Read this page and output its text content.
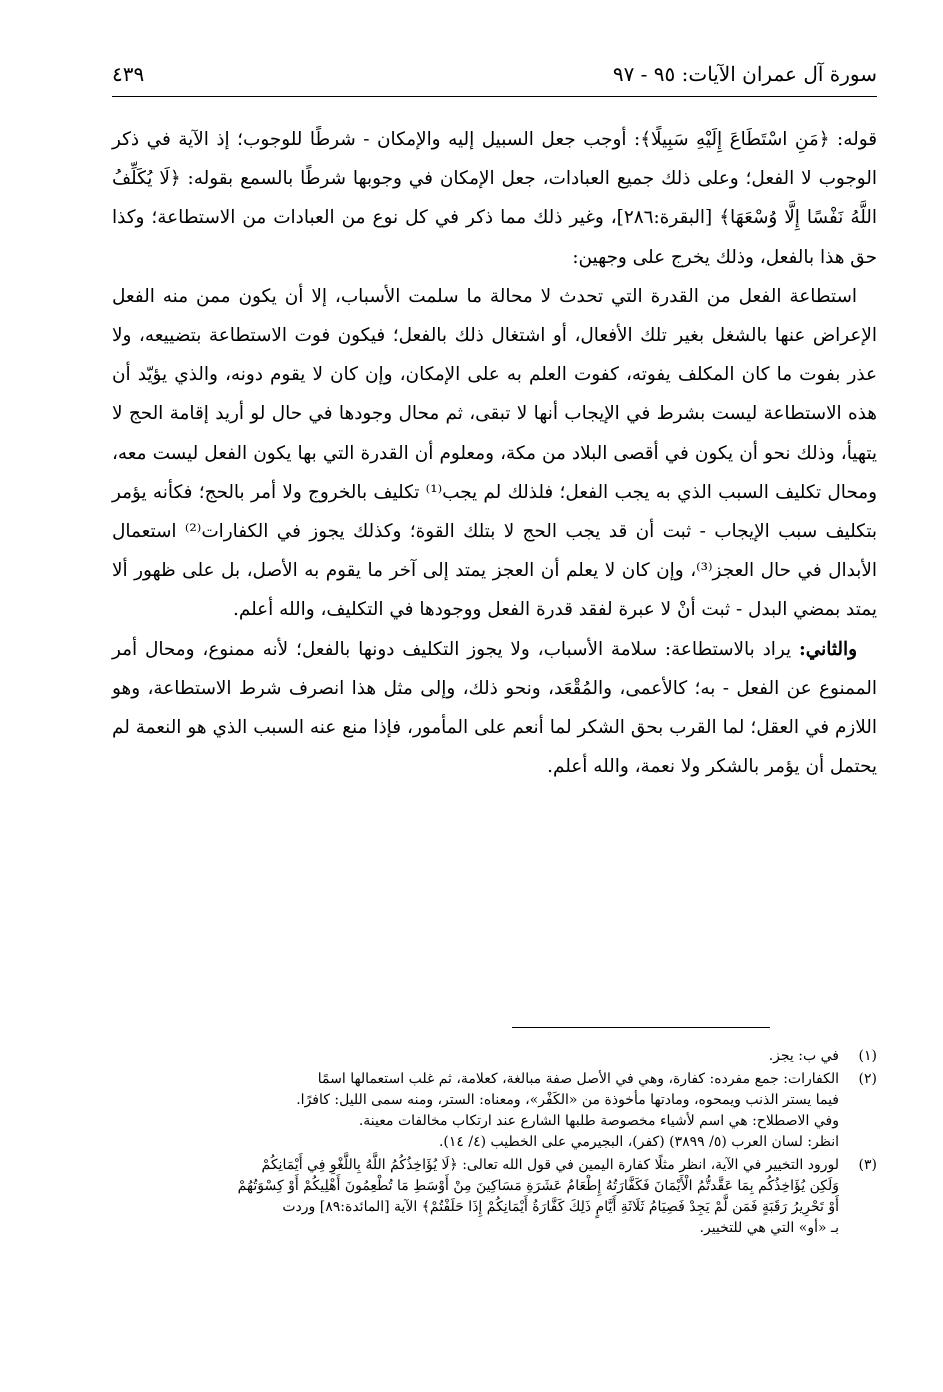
سورة آل عمران الآيات: ٩٥ - ٩٧
٤٣٩

قوله: ﴿مَنِ اسْتَطَاعَ إِلَيْهِ سَبِيلًا﴾: أوجب جعل السبيل إليه والإمكان - شرطًا للوجوب؛ إذ الآية في ذكر الوجوب لا الفعل؛ وعلى ذلك جميع العبادات، جعل الإمكان في وجوبها شرطًا بالسمع بقوله: ﴿لَا يُكَلِّفُ اللَّهُ نَفْسًا إِلَّا وُسْعَهَا﴾ [البقرة:٢٨٦]، وغير ذلك مما ذكر في كل نوع من العبادات من الاستطاعة؛ وكذا حق هذا بالفعل، وذلك يخرج على وجهين:

استطاعة الفعل من القدرة التي تحدث لا محالة ما سلمت الأسباب، إلا أن يكون ممن منه الفعل الإعراض عنها بالشغل بغير تلك الأفعال، أو اشتغال ذلك بالفعل؛ فيكون فوت الاستطاعة بتضييعه، ولا عذر بفوت ما كان المكلف يفوته، كفوت العلم به على الإمكان، وإن كان لا يقوم دونه، والذي يؤيّد أن هذه الاستطاعة ليست بشرط في الإيجاب أنها لا تبقى، ثم محال وجودها في حال لو أريد إقامة الحج لا يتهيأ، وذلك نحو أن يكون في أقصى البلاد من مكة، ومعلوم أن القدرة التي بها يكون الفعل ليست معه، ومحال تكليف السبب الذي به يجب الفعل؛ فلذلك لم يجب⁽¹⁾ تكليف بالخروج ولا أمر بالحج؛ فكأنه يؤمر بتكليف سبب الإيجاب - ثبت أن قد يجب الحج لا بتلك القوة؛ وكذلك يجوز في الكفارات⁽²⁾ استعمال الأبدال في حال العجز⁽³⁾، وإن كان لا يعلم أن العجز يمتد إلى آخر ما يقوم به الأصل، بل على ظهور ألا يمتد بمضي البدل - ثبت أنْ لا عبرة لفقد قدرة الفعل ووجودها في التكليف، والله أعلم.

والثاني: يراد بالاستطاعة: سلامة الأسباب، ولا يجوز التكليف دونها بالفعل؛ لأنه ممنوع، ومحال أمر الممنوع عن الفعل - به؛ كالأعمى، والمُقْعَد، ونحو ذلك، وإلى مثل هذا انصرف شرط الاستطاعة، وهو اللازم في العقل؛ لما القرب بحق الشكر لما أنعم على المأمور، فإذا منع عنه السبب الذي هو النعمة لم يحتمل أن يؤمر بالشكر ولا نعمة، والله أعلم.

(١)
في ب: يجز.
(٢)
الكفارات: جمع مفرده: كفارة، وهي في الأصل صفة مبالغة، كعلامة، ثم غلب استعمالها اسمًا
فيما يستر الذنب ويمحوه، ومادتها مأخوذة من «الكَفْر»، ومعناه: الستر، ومنه سمى الليل: كافرًا.
وفي الاصطلاح: هي اسم لأشياء مخصوصة طلبها الشارع عند ارتكاب مخالفات معينة.
انظر: لسان العرب (٥/ ٣٨٩٩) (كفر)، البجيرمي على الخطيب (٤/ ١٤).
(٣)
لورود التخيير في الآية، انظر مثلًا كفارة اليمين في قول الله تعالى: ﴿لَا يُؤَاخِذُكُمُ اللَّهُ بِاللَّغْوِ فِي أَيْمَانِكُمْ
وَلَكِن يُؤَاخِذُكُم بِمَا عَقَّدتُّمُ الْأَيْمَانَ فَكَفَّارَتُهُ إِطْعَامُ عَشَرَةِ مَسَاكِينَ مِنْ أَوْسَطِ مَا تُطْعِمُونَ أَهْلِيكُمْ أَوْ كِسْوَتُهُمْ
أَوْ تَحْرِيرُ رَقَبَةٍ فَمَن لَّمْ يَجِدْ فَصِيَامُ ثَلَاثَةِ أَيَّامٍ ذَلِكَ كَفَّارَةُ أَيْمَانِكُمْ إِذَا حَلَفْتُمْ﴾ الآية [المائدة:٨٩] وردت
بـ «أو» التي هي للتخيير.
